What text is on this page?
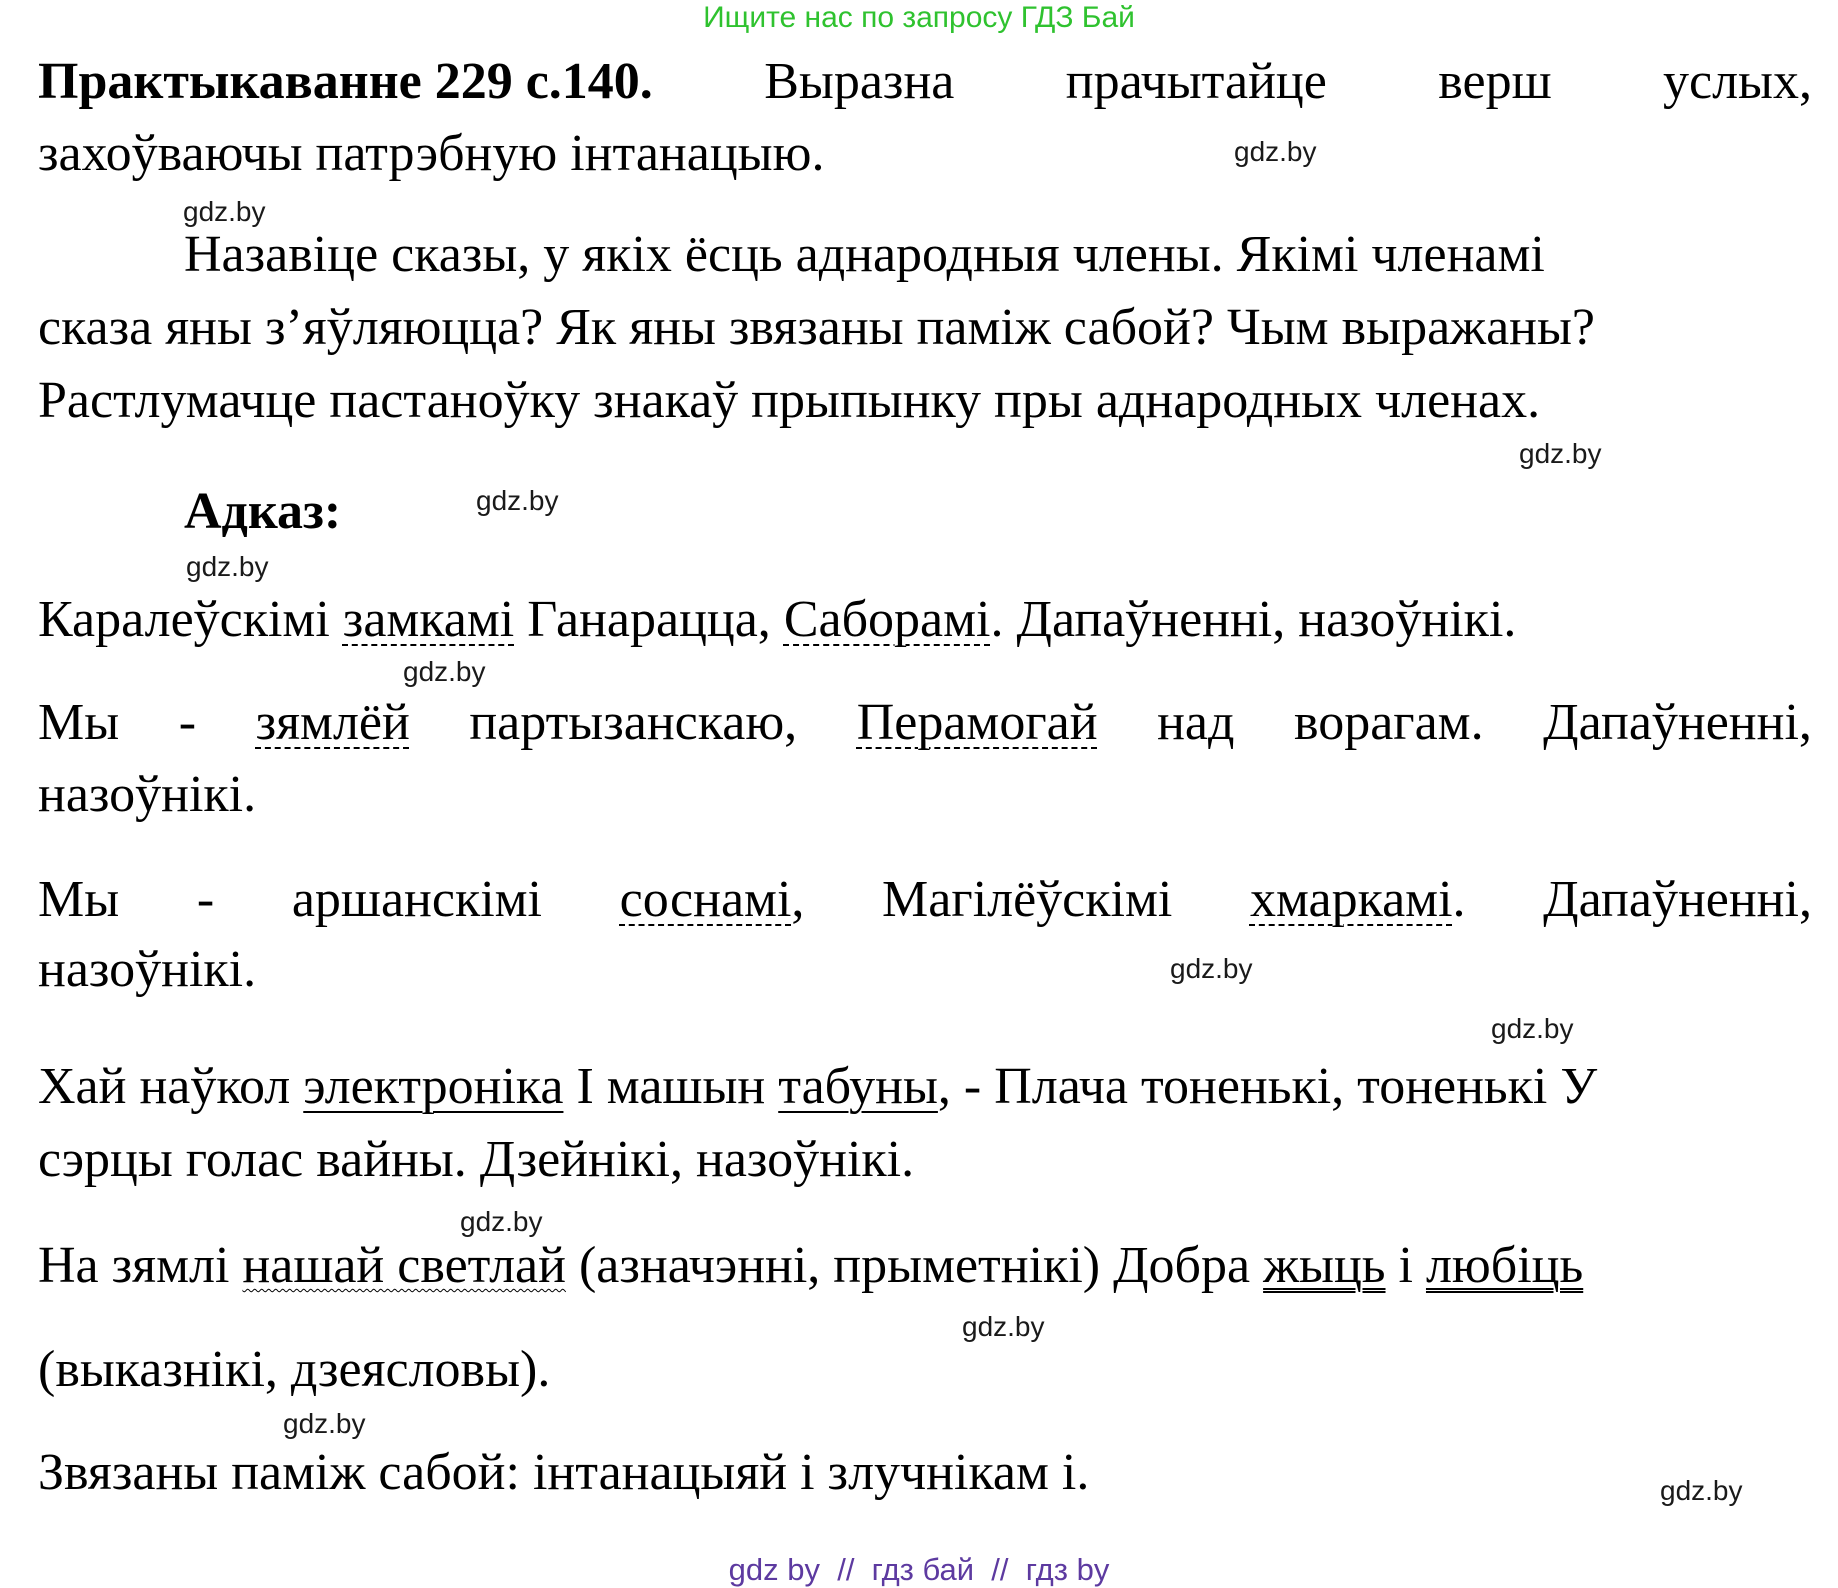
Ищите нас по запросу ГДЗ Бай
Практыкаванне 229 с.140. Выразна прачытайце верш услых,
захоўваючы патрэбную інтанацыю.
Назавіце сказы, у якіх ёсць аднародныя члены. Якімі членамі
сказа яны з’яўляюцца? Як яны звязаны паміж сабой? Чым выражаны?
Растлумачце пастаноўку знакаў прыпынку пры аднародных членах.
Адказ:
Каралеўскімі замкамі Ганарацца, Саборамі. Дапаўненні, назоўнікі.
Мы - зямлёй партызанскаю, Перамогай над ворагам. Дапаўненні,
назоўнікі.
Мы - аршанскімі соснамі, Магілёўскімі хмаркамі. Дапаўненні,
назоўнікі.
Хай наўкол электроніка І машын табуны, - Плача тоненькі, тоненькі У
сэрцы голас вайны. Дзейнікі, назоўнікі.
На зямлі нашай светлай (азначэнні, прыметнікі) Добра жыць і любіць
(выказнікі, дзеясловы).
Звязаны паміж сабой: інтанацыяй і злучнікам і.
gdz.by
gdz.by
gdz.by
gdz.by
gdz.by
gdz.by
gdz.by
gdz.by
gdz.by
gdz.by
gdz.by
gdz.by
gdz by  //  гдз бай  //  гдз by
